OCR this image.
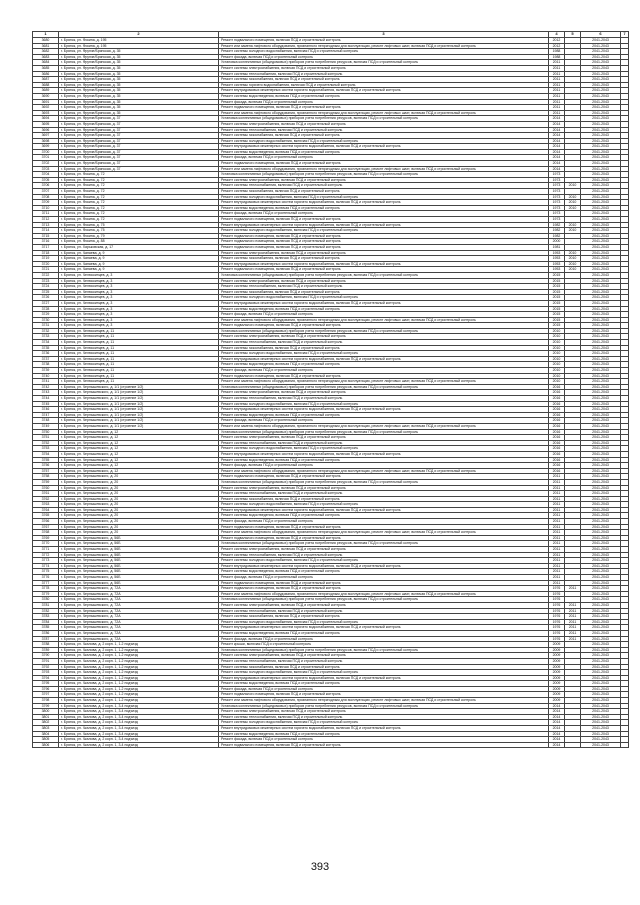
1	2	3	4	5	6	7
3680	г. Брянск, ул. Фокина, д. 195	Ремонт подвального помещения, включая ПСД и строительный контроль	2012		2041-2043	
3681	г. Брянск, ул. Фокина, д. 195	Ремонт или замена лифтового оборудования, признанного непригодным для эксплуатации, ремонт лифтовых шахт, включая ПСД и строительный контроль	2012		2041-2043	
3682	г. Брянск, ул. Фрунзе/Брянская, д. 35	Ремонт системы холодного водоснабжения, включая ПСД и строительный контроль	1988		2041-2043	
3683	г. Брянск, ул. Фрунзе/Брянская, д. 35	Ремонт фасада, включая ПСД и строительный контроль	1988		2041-2043	
3684	г. Брянск, ул. Фрунзе/Брянская, д. 35	Установка коллективных (общедомовых) приборов учета потребления ресурсов, включая ПСД и строительный контроль	2011		2041-2043	
3685	г. Брянск, ул. Фрунзе/Брянская, д. 35	Ремонт системы электроснабжения, включая ПСД и строительный контроль	2011		2041-2043	
3686	г. Брянск, ул. Фрунзе/Брянская, д. 35	Ремонт системы теплоснабжения, включая ПСД и строительный контроль	2011		2041-2043	
3687	г. Брянск, ул. Фрунзе/Брянская, д. 35	Ремонт системы газоснабжения, включая ПСД и строительный контроль	2011		2041-2043	
3688	г. Брянск, ул. Фрунзе/Брянская, д. 35	Ремонт системы горячего водоснабжения, включая ПСД и строительный контроль	2011		2041-2043	
3689	г. Брянск, ул. Фрунзе/Брянская, д. 35	Ремонт внутридомовых инженерных систем горячего водоснабжения, включая ПСД и строительный контроль	2011		2041-2043	
3690	г. Брянск, ул. Фрунзе/Брянская, д. 35	Ремонт системы водоотведения, включая ПСД и строительный контроль	2011		2041-2043	
3691	г. Брянск, ул. Фрунзе/Брянская, д. 35	Ремонт фасада, включая ПСД и строительный контроль	2011		2041-2043	
3692	г. Брянск, ул. Фрунзе/Брянская, д. 35	Ремонт подвального помещения, включая ПСД и строительный контроль	2011		2041-2043	
3693	г. Брянск, ул. Фрунзе/Брянская, д. 35	Ремонт или замена лифтового оборудования, признанного непригодным для эксплуатации, ремонт лифтовых шахт, включая ПСД и строительный контроль	2011		2041-2043	
3694	г. Брянск, ул. Фрунзе/Брянская, д. 37	Установка коллективных (общедомовых) приборов учета потребления ресурсов, включая ПСД и строительный контроль	2014		2041-2043	
3695	г. Брянск, ул. Фрунзе/Брянская, д. 37	Ремонт системы электроснабжения, включая ПСД и строительный контроль	2014		2041-2043	
3696	г. Брянск, ул. Фрунзе/Брянская, д. 37	Ремонт системы теплоснабжения, включая ПСД и строительный контроль	2014		2041-2043	
3697	г. Брянск, ул. Фрунзе/Брянская, д. 37	Ремонт системы газоснабжения, включая ПСД и строительный контроль	2014		2041-2043	
3698	г. Брянск, ул. Фрунзе/Брянская, д. 37	Ремонт системы холодного водоснабжения, включая ПСД и строительный контроль	2014		2041-2043	
3699	г. Брянск, ул. Фрунзе/Брянская, д. 37	Ремонт внутридомовых инженерных систем горячего водоснабжения, включая ПСД и строительный контроль	2014		2041-2043	
3700	г. Брянск, ул. Фрунзе/Брянская, д. 37	Ремонт системы водоотведения, включая ПСД и строительный контроль	2014		2041-2043	
3701	г. Брянск, ул. Фрунзе/Брянская, д. 37	Ремонт фасада, включая ПСД и строительный контроль	2014		2041-2043	
3702	г. Брянск, ул. Фрунзе/Брянская, д. 37	Ремонт подвального помещения, включая ПСД и строительный контроль	2014		2041-2043	
3703	г. Брянск, ул. Фрунзе/Брянская, д. 37	Ремонт или замена лифтового оборудования, признанного непригодным для эксплуатации, ремонт лифтовых шахт, включая ПСД и строительный контроль	2014		2041-2043	
3704	г. Брянск, ул. Фокина, д. 72	Установка коллективных (общедомовых) приборов учета потребления ресурсов, включая ПСД и строительный контроль	1973		2041-2043	
3705	г. Брянск, ул. Фокина, д. 72	Ремонт системы электроснабжения, включая ПСД и строительный контроль	1973		2041-2043	
3706	г. Брянск, ул. Фокина, д. 72	Ремонт системы теплоснабжения, включая ПСД и строительный контроль	1973	2010	2041-2043	
3707	г. Брянск, ул. Фокина, д. 72	Ремонт системы газоснабжения, включая ПСД и строительный контроль	1973		2041-2043	
3708	г. Брянск, ул. Фокина, д. 72	Ремонт системы холодного водоснабжения, включая ПСД и строительный контроль	1973	2010	2041-2043	
3709	г. Брянск, ул. Фокина, д. 72	Ремонт внутридомовых инженерных систем горячего водоснабжения, включая ПСД и строительный контроль	1973	2010	2041-2043	
3710	г. Брянск, ул. Фокина, д. 72	Ремонт системы водоотведения, включая ПСД и строительный контроль	1973	2010	2041-2043	
3711	г. Брянск, ул. Фокина, д. 72	Ремонт фасада, включая ПСД и строительный контроль	1973		2041-2043	
3712	г. Брянск, ул. Фокина, д. 72	Ремонт подвального помещения, включая ПСД и строительный контроль	1973		2041-2043	
3713	г. Брянск, ул. Фокина, д. 75	Ремонт внутридомовых инженерных систем горячего водоснабжения, включая ПСД и строительный контроль	1982	2010	2041-2043	
3714	г. Брянск, ул. Фокина, д. 75	Ремонт системы холодного водоснабжения, включая ПСД и строительный контроль	1982	2010	2041-2043	
3715	г. Брянск, ул. Фокина, д. 79	Ремонт подвального помещения, включая ПСД и строительный контроль	1982		2041-2043	
3716	г. Брянск, ул. Фокина, д. 88	Ремонт подвального помещения, включая ПСД и строительный контроль	2000		2041-2043	
3717	г. Брянск, ул. Харьковская, д. 17	Ремонт подвального помещения, включая ПСД и строительный контроль	1981		2041-2043	
3718	г. Брянск, ул. Чапаева, д. 9	Ремонт системы электроснабжения, включая ПСД и строительный контроль	1953	2010	2041-2043	
3719	г. Брянск, ул. Чапаева, д. 9	Ремонт системы газоснабжения, включая ПСД и строительный контроль	1953	2010	2041-2043	
3720	г. Брянск, ул. Чапаева, д. 9	Ремонт внутридомовых инженерных систем горячего водоснабжения, включая ПСД и строительный контроль	1953	2010	2041-2043	
3721	г. Брянск, ул. Чапаева, д. 9	Ремонт подвального помещения, включая ПСД и строительный контроль	1953	2010	2041-2043	
3722	г. Брянск, ул. Челюскинцев, д. 3	Установка коллективных (общедомовых) приборов учета потребления ресурсов, включая ПСД и строительный контроль	2015		2041-2043	
3723	г. Брянск, ул. Челюскинцев, д. 3	Ремонт системы электроснабжения, включая ПСД и строительный контроль	2015		2041-2043	
3724	г. Брянск, ул. Челюскинцев, д. 3	Ремонт системы теплоснабжения, включая ПСД и строительный контроль	2015		2041-2043	
3725	г. Брянск, ул. Челюскинцев, д. 3	Ремонт системы газоснабжения, включая ПСД и строительный контроль	2015		2041-2043	
3726	г. Брянск, ул. Челюскинцев, д. 3	Ремонт системы холодного водоснабжения, включая ПСД и строительный контроль	2015		2041-2043	
3727	г. Брянск, ул. Челюскинцев, д. 3	Ремонт внутридомовых инженерных систем горячего водоснабжения, включая ПСД и строительный контроль	2015		2041-2043	
3728	г. Брянск, ул. Челюскинцев, д. 3	Ремонт системы водоотведения, включая ПСД и строительный контроль	2015		2041-2043	
3729	г. Брянск, ул. Челюскинцев, д. 3	Ремонт фасада, включая ПСД и строительный контроль	2015		2041-2043	
3730	г. Брянск, ул. Челюскинцев, д. 3	Ремонт или замена лифтового оборудования, признанного непригодным для эксплуатации, ремонт лифтовых шахт, включая ПСД и строительный контроль	2015		2041-2043	
3731	г. Брянск, ул. Челюскинцев, д. 3	Ремонт подвального помещения, включая ПСД и строительный контроль	2015		2041-2043	
3732	г. Брянск, ул. Челюскинцев, д. 11	Установка коллективных (общедомовых) приборов учета потребления ресурсов, включая ПСД и строительный контроль	2010		2041-2043	
3733	г. Брянск, ул. Челюскинцев, д. 11	Ремонт системы электроснабжения, включая ПСД и строительный контроль	2010		2041-2043	
3734	г. Брянск, ул. Челюскинцев, д. 11	Ремонт системы теплоснабжения, включая ПСД и строительный контроль	2010		2041-2043	
3735	г. Брянск, ул. Челюскинцев, д. 11	Ремонт системы газоснабжения, включая ПСД и строительный контроль	2010		2041-2043	
3736	г. Брянск, ул. Челюскинцев, д. 11	Ремонт системы холодного водоснабжения, включая ПСД и строительный контроль	2010		2041-2043	
3737	г. Брянск, ул. Челюскинцев, д. 11	Ремонт внутридомовых инженерных систем горячего водоснабжения, включая ПСД и строительный контроль	2010		2041-2043	
3738	г. Брянск, ул. Челюскинцев, д. 11	Ремонт системы водоотведения, включая ПСД и строительный контроль	2010		2041-2043	
3739	г. Брянск, ул. Челюскинцев, д. 11	Ремонт фасада, включая ПСД и строительный контроль	2010		2041-2043	
3740	г. Брянск, ул. Челюскинцев, д. 11	Ремонт подвального помещения, включая ПСД и строительный контроль	2010		2041-2043	
3741	г. Брянск, ул. Челюскинцев, д. 11	Ремонт или замена лифтового оборудования, признанного непригодным для эксплуатации, ремонт лифтовых шахт, включая ПСД и строительный контроль	2010		2041-2043	
3742	г. Брянск, ул. Чернышевского, д. 1/1 (строение 1/2)	Установка коллективных (общедомовых) приборов учета потребления ресурсов, включая ПСД и строительный контроль	2016		2041-2043	
3743	г. Брянск, ул. Чернышевского, д. 1/1 (строение 1/2)	Ремонт системы электроснабжения, включая ПСД и строительный контроль	2016		2041-2043	
3744	г. Брянск, ул. Чернышевского, д. 1/1 (строение 1/2)	Ремонт системы теплоснабжения, включая ПСД и строительный контроль	2016		2041-2043	
3745	г. Брянск, ул. Чернышевского, д. 1/1 (строение 1/2)	Ремонт системы холодного водоснабжения, включая ПСД и строительный контроль	2016		2041-2043	
3746	г. Брянск, ул. Чернышевского, д. 1/1 (строение 1/2)	Ремонт внутридомовых инженерных систем горячего водоснабжения, включая ПСД и строительный контроль	2016		2041-2043	
3747	г. Брянск, ул. Чернышевского, д. 1/1 (строение 1/2)	Ремонт системы водоотведения, включая ПСД и строительный контроль	2016		2041-2043	
3748	г. Брянск, ул. Чернышевского, д. 1/1 (строение 1/2)	Ремонт фасада, включая ПСД и строительный контроль	2016		2041-2043	
3749	г. Брянск, ул. Чернышевского, д. 1/1 (строение 1/2)	Ремонт или замена лифтового оборудования, признанного непригодным для эксплуатации, ремонт лифтовых шахт, включая ПСД и строительный контроль	2016		2041-2043	
3750	г. Брянск, ул. Чернышевского, д. 12	Установка коллективных (общедомовых) приборов учета потребления ресурсов, включая ПСД и строительный контроль	2016		2041-2043	
3751	г. Брянск, ул. Чернышевского, д. 12	Ремонт системы электроснабжения, включая ПСД и строительный контроль	2016		2041-2043	
3752	г. Брянск, ул. Чернышевского, д. 12	Ремонт системы теплоснабжения, включая ПСД и строительный контроль	2016		2041-2043	
3753	г. Брянск, ул. Чернышевского, д. 12	Ремонт системы холодного водоснабжения, включая ПСД и строительный контроль	2016		2041-2043	
3754	г. Брянск, ул. Чернышевского, д. 12	Ремонт внутридомовых инженерных систем горячего водоснабжения, включая ПСД и строительный контроль	2016		2041-2043	
3755	г. Брянск, ул. Чернышевского, д. 12	Ремонт системы водоотведения, включая ПСД и строительный контроль	2016		2041-2043	
3756	г. Брянск, ул. Чернышевского, д. 12	Ремонт фасада, включая ПСД и строительный контроль	2016		2041-2043	
3757	г. Брянск, ул. Чернышевского, д. 12	Ремонт или замена лифтового оборудования, признанного непригодным для эксплуатации, ремонт лифтовых шахт, включая ПСД и строительный контроль	2016		2041-2043	
3758	г. Брянск, ул. Чернышевского, д. 20	Ремонт подвального помещения, включая ПСД и строительный контроль	2011		2041-2043	
3759	г. Брянск, ул. Чернышевского, д. 20	Установка коллективных (общедомовых) приборов учета потребления ресурсов, включая ПСД и строительный контроль	2011		2041-2043	
3760	г. Брянск, ул. Чернышевского, д. 20	Ремонт системы электроснабжения, включая ПСД и строительный контроль	2011		2041-2043	
3761	г. Брянск, ул. Чернышевского, д. 20	Ремонт системы теплоснабжения, включая ПСД и строительный контроль	2011		2041-2043	
3762	г. Брянск, ул. Чернышевского, д. 20	Ремонт системы газоснабжения, включая ПСД и строительный контроль	2011		2041-2043	
3763	г. Брянск, ул. Чернышевского, д. 20	Ремонт системы холодного водоснабжения, включая ПСД и строительный контроль	2011		2041-2043	
3764	г. Брянск, ул. Чернышевского, д. 20	Ремонт внутридомовых инженерных систем горячего водоснабжения, включая ПСД и строительный контроль	2011		2041-2043	
3765	г. Брянск, ул. Чернышевского, д. 20	Ремонт системы водоотведения, включая ПСД и строительный контроль	2011		2041-2043	
3766	г. Брянск, ул. Чернышевского, д. 20	Ремонт фасада, включая ПСД и строительный контроль	2011		2041-2043	
3767	г. Брянск, ул. Чернышевского, д. 20	Ремонт подвального помещения, включая ПСД и строительный контроль	2011		2041-2043	
3768	г. Брянск, ул. Чернышевского, д. 20	Ремонт или замена лифтового оборудования, признанного непригодным для эксплуатации, ремонт лифтовых шахт, включая ПСД и строительный контроль	2011		2041-2043	
3769	г. Брянск, ул. Чернышевского, д. 56Б	Ремонт подвального помещения, включая ПСД и строительный контроль	2011		2041-2043	
3770	г. Брянск, ул. Чернышевского, д. 56Б	Установка коллективных (общедомовых) приборов учета потребления ресурсов, включая ПСД и строительный контроль	2011		2041-2043	
3771	г. Брянск, ул. Чернышевского, д. 56Б	Ремонт системы электроснабжения, включая ПСД и строительный контроль	2011		2041-2043	
3772	г. Брянск, ул. Чернышевского, д. 56Б	Ремонт системы теплоснабжения, включая ПСД и строительный контроль	2011		2041-2043	
3773	г. Брянск, ул. Чернышевского, д. 56Б	Ремонт системы холодного водоснабжения, включая ПСД и строительный контроль	2011		2041-2043	
3774	г. Брянск, ул. Чернышевского, д. 56Б	Ремонт внутридомовых инженерных систем горячего водоснабжения, включая ПСД и строительный контроль	2011		2041-2043	
3775	г. Брянск, ул. Чернышевского, д. 56Б	Ремонт системы водоотведения, включая ПСД и строительный контроль	2011		2041-2043	
3776	г. Брянск, ул. Чернышевского, д. 56Б	Ремонт фасада, включая ПСД и строительный контроль	2011		2041-2043	
3777	г. Брянск, ул. Чернышевского, д. 56Б	Ремонт подвального помещения, включая ПСД и строительный контроль	2011		2041-2043	
3778	г. Брянск, ул. Чернышевского, д. 72А	Ремонт подвального помещения, включая ПСД и строительный контроль	1976	2011	2041-2043	
3779	г. Брянск, ул. Чернышевского, д. 72А	Ремонт или замена лифтового оборудования, признанного непригодным для эксплуатации, ремонт лифтовых шахт, включая ПСД и строительный контроль	1976		2041-2043	
3780	г. Брянск, ул. Чернышевского, д. 72А	Установка коллективных (общедомовых) приборов учета потребления ресурсов, включая ПСД и строительный контроль	1976		2041-2043	
3781	г. Брянск, ул. Чернышевского, д. 72А	Ремонт системы электроснабжения, включая ПСД и строительный контроль	1976	2011	2041-2043	
3782	г. Брянск, ул. Чернышевского, д. 72А	Ремонт системы теплоснабжения, включая ПСД и строительный контроль	1976	2011	2041-2043	
3783	г. Брянск, ул. Чернышевского, д. 72А	Ремонт системы газоснабжения, включая ПСД и строительный контроль	1976	2011	2041-2043	
3784	г. Брянск, ул. Чернышевского, д. 72А	Ремонт системы холодного водоснабжения, включая ПСД и строительный контроль	1976	2011	2041-2043	
3785	г. Брянск, ул. Чернышевского, д. 72А	Ремонт внутридомовых инженерных систем горячего водоснабжения, включая ПСД и строительный контроль	1976	2011	2041-2043	
3786	г. Брянск, ул. Чернышевского, д. 72А	Ремонт системы водоотведения, включая ПСД и строительный контроль	1976	2011	2041-2043	
3787	г. Брянск, ул. Чернышевского, д. 72А	Ремонт фасада, включая ПСД и строительный контроль	1976	2011	2041-2043	
3788	г. Брянск, ул. Чкалова, д. 2 корп. 1, 1-2 подъезд	Ремонт крыши, включая ПСД и строительный контроль	2009		2041-2043	
3789	г. Брянск, ул. Чкалова, д. 2 корп. 1, 1-2 подъезд	Установка коллективных (общедомовых) приборов учета потребления ресурсов, включая ПСД и строительный контроль	2009		2041-2043	
3790	г. Брянск, ул. Чкалова, д. 2 корп. 1, 1-2 подъезд	Ремонт системы электроснабжения, включая ПСД и строительный контроль	2009		2041-2043	
3791	г. Брянск, ул. Чкалова, д. 2 корп. 1, 1-2 подъезд	Ремонт системы теплоснабжения, включая ПСД и строительный контроль	2009		2041-2043	
3792	г. Брянск, ул. Чкалова, д. 2 корп. 1, 1-2 подъезд	Ремонт системы газоснабжения, включая ПСД и строительный контроль	2009		2041-2043	
3793	г. Брянск, ул. Чкалова, д. 2 корп. 1, 1-2 подъезд	Ремонт системы холодного водоснабжения, включая ПСД и строительный контроль	2009		2041-2043	
3794	г. Брянск, ул. Чкалова, д. 2 корп. 1, 1-2 подъезд	Ремонт внутридомовых инженерных систем горячего водоснабжения, включая ПСД и строительный контроль	2009		2041-2043	
3795	г. Брянск, ул. Чкалова, д. 2 корп. 1, 1-2 подъезд	Ремонт системы водоотведения, включая ПСД и строительный контроль	2009		2041-2043	
3796	г. Брянск, ул. Чкалова, д. 2 корп. 1, 1-2 подъезд	Ремонт фасада, включая ПСД и строительный контроль	2009		2041-2043	
3797	г. Брянск, ул. Чкалова, д. 2 корп. 1, 1-2 подъезд	Ремонт подвального помещения, включая ПСД и строительный контроль	2009		2041-2043	
3798	г. Брянск, ул. Чкалова, д. 2 корп. 1, 1-2 подъезд	Ремонт или замена лифтового оборудования, признанного непригодным для эксплуатации, ремонт лифтовых шахт, включая ПСД и строительный контроль	2009		2041-2043	
3799	г. Брянск, ул. Чкалова, д. 2 корп. 1, 3-4 подъезд	Установка коллективных (общедомовых) приборов учета потребления ресурсов, включая ПСД и строительный контроль	2014		2041-2043	
3800	г. Брянск, ул. Чкалова, д. 2 корп. 1, 3-4 подъезд	Ремонт системы электроснабжения, включая ПСД и строительный контроль	2014		2041-2043	
3801	г. Брянск, ул. Чкалова, д. 2 корп. 1, 3-4 подъезд	Ремонт системы теплоснабжения, включая ПСД и строительный контроль	2014		2041-2043	
3802	г. Брянск, ул. Чкалова, д. 2 корп. 1, 3-4 подъезд	Ремонт системы холодного водоснабжения, включая ПСД и строительный контроль	2014		2041-2043	
3803	г. Брянск, ул. Чкалова, д. 2 корп. 1, 3-4 подъезд	Ремонт внутридомовых инженерных систем горячего водоснабжения, включая ПСД и строительный контроль	2014		2041-2043	
3804	г. Брянск, ул. Чкалова, д. 2 корп. 1, 3-4 подъезд	Ремонт системы водоотведения, включая ПСД и строительный контроль	2014		2041-2043	
3805	г. Брянск, ул. Чкалова, д. 2 корп. 1, 3-4 подъезд	Ремонт фасада, включая ПСД и строительный контроль	2014		2041-2043	
3806	г. Брянск, ул. Чкалова, д. 2 корп. 1, 3-4 подъезд	Ремонт подвального помещения, включая ПСД и строительный контроль	2014		2041-2043	
393
